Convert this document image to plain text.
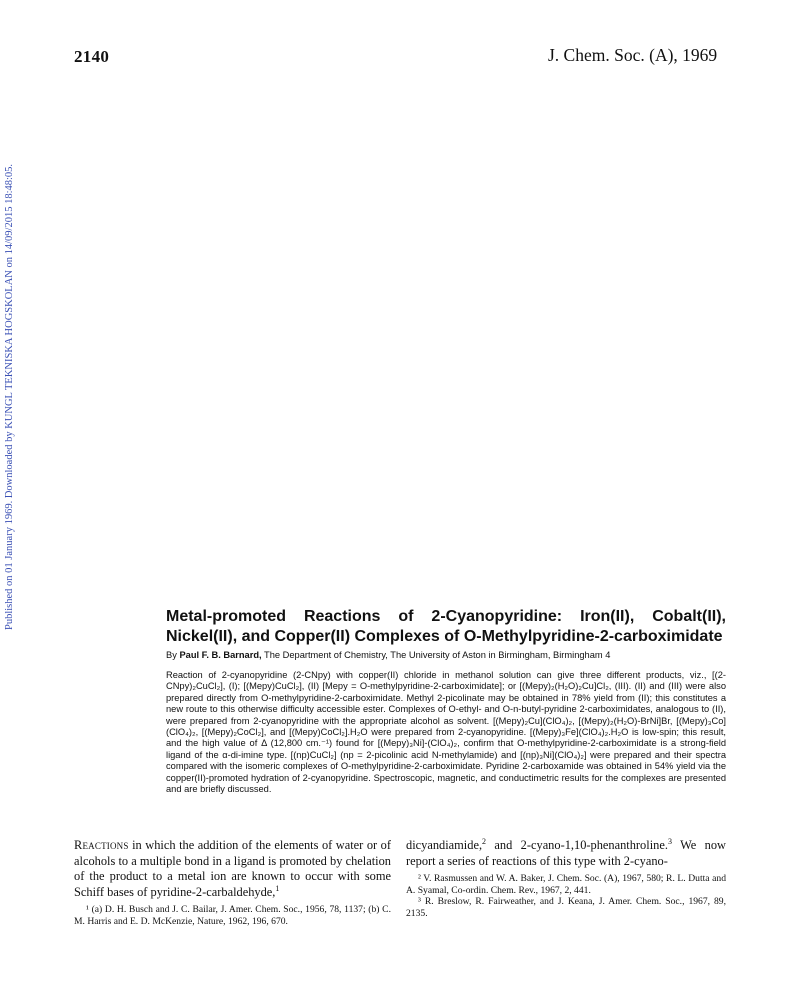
2140	J. Chem. Soc. (A), 1969
Published on 01 January 1969. Downloaded by KUNGL TEKNISKA HOGSKOLAN on 14/09/2015 18:48:05.	Metal-promoted Reactions of 2-Cyanopyridine: Iron(II), Cobalt(II),
Nickel(II), and Copper(II) Complexes of O-Methylpyridine-2-carboximidate
By Paul F. B. Barnard, The Department of Chemistry, The University of Aston in Birmingham, Birmingham 4
Reaction of 2-cyanopyridine (2-CNpy) with copper(II) chloride in methanol solution can give three different products, viz., [(2-CNpy)₂CuCl₂], (I); [(Mepy)CuCl₂], (II) [Mepy = O-methylpyridine-2-carboximidate]; or [(Mepy)₂(H₂O)₂Cu]Cl₂, (III). (II) and (III) were also prepared directly from O-methylpyridine-2-carboximidate. Methyl 2-picolinate may be obtained in 78% yield from (II); this constitutes a new route to this otherwise difficulty accessible ester. Complexes of O-ethyl- and O-n-butyl-pyridine 2-carboximidates, analogous to (II), were prepared from 2-cyanopyridine with the appropriate alcohol as solvent. [(Mepy)₂Cu](ClO₄)₂, [(Mepy)₂(H₂O)-BrNi]Br, [(Mepy)₃Co](ClO₄)₂, [(Mepy)₂CoCl₂], and [(Mepy)CoCl₂].H₂O were prepared from 2-cyanopyridine. [(Mepy)₃Fe](ClO₄)₂.H₂O is low-spin; this result, and the high value of Δ (12,800 cm.⁻¹) found for [(Mepy)₃Ni]-(ClO₄)₂, confirm that O-methylpyridine-2-carboximidate is a strong-field ligand of the α-di-imine type. [(np)CuCl₂] (np = 2-picolinic acid N-methylamide) and [(np)₃Ni](ClO₄)₂] were prepared and their spectra compared with the isomeric complexes of O-methylpyridine-2-carboximidate. Pyridine 2-carboxamide was obtained in 54% yield via the copper(II)-promoted hydration of 2-cyanopyridine. Spectroscopic, magnetic, and conductimetric results for the complexes are presented and are briefly discussed.
Reactions in which the addition of the elements of water or of alcohols to a multiple bond in a ligand is promoted by chelation of the product to a metal ion are known to occur with some Schiff bases of pyridine-2-carbaldehyde,$^1$
¹ (a) D. H. Busch and J. C. Bailar, J. Amer. Chem. Soc., 1956, 78, 1137; (b) C. M. Harris and E. D. McKenzie, Nature, 1962, 196, 670.
dicyandiamide,$^2$ and 2-cyano-1,10-phenanthroline.$^3$ We now report a series of reactions of this type with 2-cyano-
² V. Rasmussen and W. A. Baker, J. Chem. Soc. (A), 1967, 580; R. L. Dutta and A. Syamal, Co-ordin. Chem. Rev., 1967, 2, 441.
³ R. Breslow, R. Fairweather, and J. Keana, J. Amer. Chem. Soc., 1967, 89, 2135.
